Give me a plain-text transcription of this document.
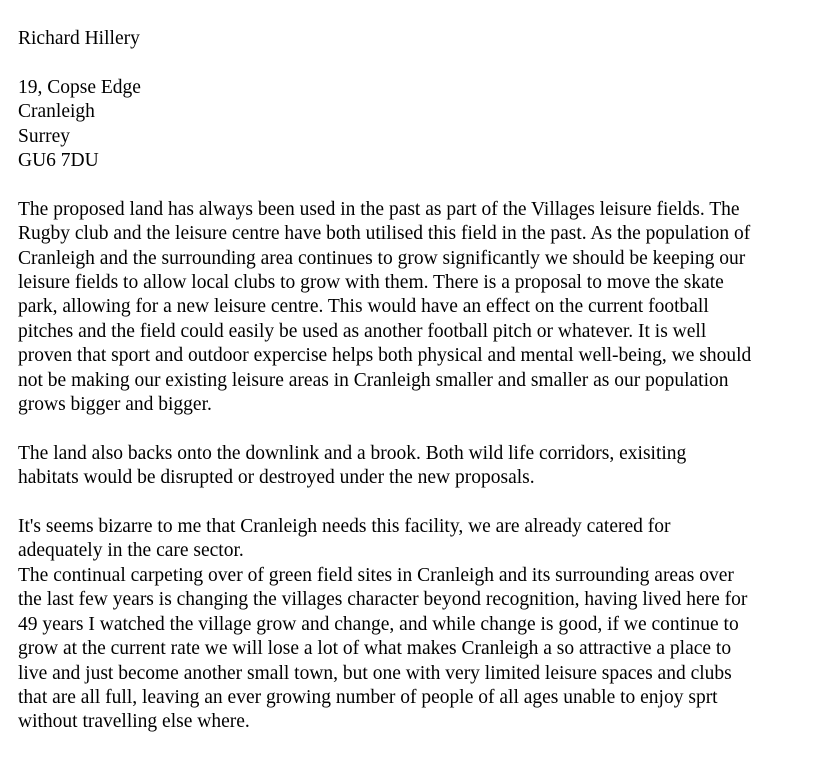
Richard Hillery
19, Copse Edge
Cranleigh
Surrey
GU6 7DU
The proposed land has always been used in the past as part of the Villages leisure fields. The
Rugby club and the leisure centre have both utilised this field in the past. As the population of
Cranleigh and the surrounding area continues to grow significantly we should be keeping our
leisure fields to allow local clubs to grow with them. There is a proposal to move the skate
park, allowing for a new leisure centre. This would have an effect on the current football
pitches and the field could easily be used as another football pitch or whatever. It is well
proven that sport and outdoor expercise helps both physical and mental well-being, we should
not be making our existing leisure areas in Cranleigh smaller and smaller as our population
grows bigger and bigger.
The land also backs onto the downlink and a brook. Both wild life corridors, exisiting
habitats would be disrupted or destroyed under the new proposals.
It's seems bizarre to me that Cranleigh needs this facility, we are already catered for
adequately in the care sector.
The continual carpeting over of green field sites in Cranleigh and its surrounding areas over
the last few years is changing the villages character beyond recognition, having lived here for
49 years I watched the village grow and change, and while change is good, if we continue to
grow at the current rate we will lose a lot of what makes Cranleigh a so attractive a place to
live and just become another small town, but one with very limited leisure spaces and clubs
that are all full, leaving an ever growing number of people of all ages unable to enjoy sprt
without travelling else where.
